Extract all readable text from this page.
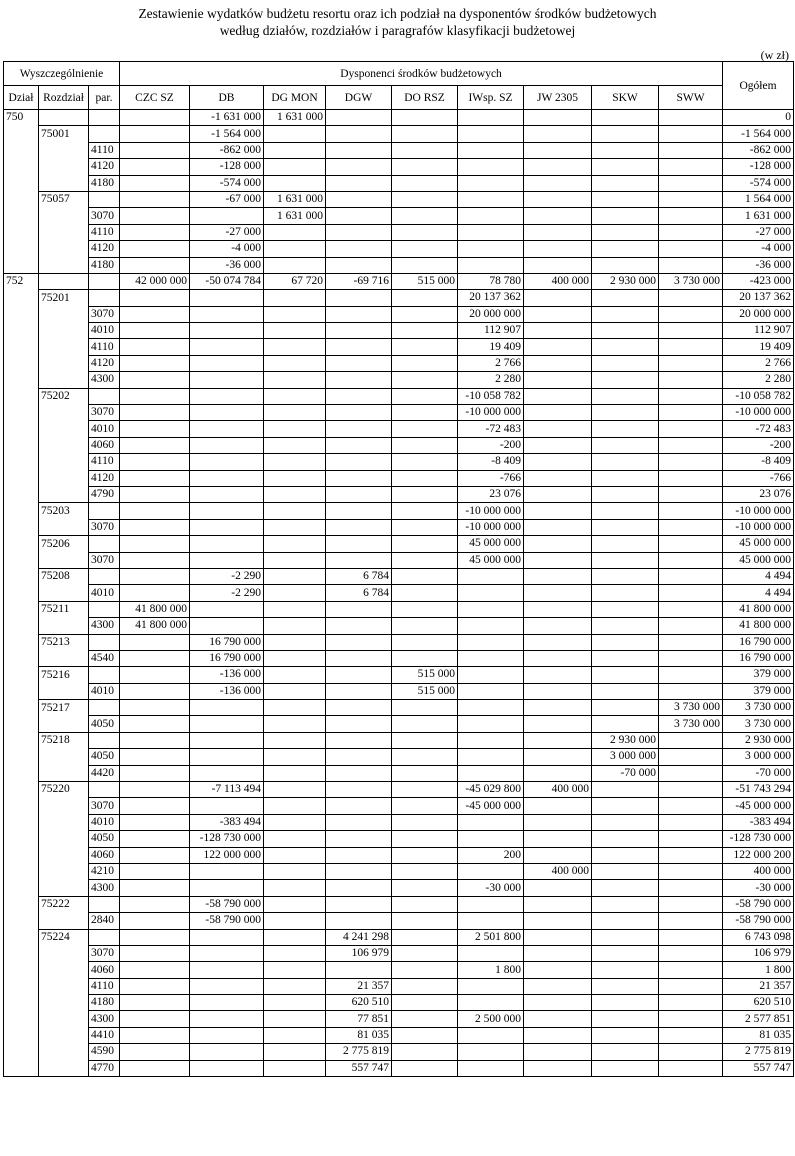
Zestawienie wydatków budżetu resortu oraz ich podział na dysponentów środków budżetowych
według działów, rozdziałów i paragrafów klasyfikacji budżetowej
(w zł)
Wyszczególnienie			Dysponenci środków budżetowych									Ogółem
Dział	Rozdział	par.	CZC SZ	DB	DG MON	DGW	DO RSZ	IWsp. SZ	JW 2305	SKW	SWW	
750				-1 631 000	1 631 000							0
	75001			-1 564 000								-1 564 000
		4110		-862 000								-862 000
		4120		-128 000								-128 000
		4180		-574 000								-574 000
	75057			-67 000	1 631 000							1 564 000
		3070			1 631 000							1 631 000
		4110		-27 000								-27 000
		4120		-4 000								-4 000
		4180		-36 000								-36 000
752			42 000 000	-50 074 784	67 720	-69 716	515 000	78 780	400 000	2 930 000	3 730 000	-423 000
	75201							20 137 362				20 137 362
		3070						20 000 000				20 000 000
		4010						112 907				112 907
		4110						19 409				19 409
		4120						2 766				2 766
		4300						2 280				2 280
	75202							-10 058 782				-10 058 782
		3070						-10 000 000				-10 000 000
		4010						-72 483				-72 483
		4060						-200				-200
		4110						-8 409				-8 409
		4120						-766				-766
		4790						23 076				23 076
	75203							-10 000 000				-10 000 000
		3070						-10 000 000				-10 000 000
	75206							45 000 000				45 000 000
		3070						45 000 000				45 000 000
	75208			-2 290		6 784						4 494
		4010		-2 290		6 784						4 494
	75211		41 800 000									41 800 000
		4300	41 800 000									41 800 000
	75213			16 790 000								16 790 000
		4540		16 790 000								16 790 000
	75216			-136 000			515 000					379 000
		4010		-136 000			515 000					379 000
	75217										3 730 000	3 730 000
		4050									3 730 000	3 730 000
	75218									2 930 000		2 930 000
		4050								3 000 000		3 000 000
		4420								-70 000		-70 000
	75220			-7 113 494				-45 029 800	400 000			-51 743 294
		3070						-45 000 000				-45 000 000
		4010		-383 494								-383 494
		4050		-128 730 000								-128 730 000
		4060		122 000 000				200				122 000 200
		4210							400 000			400 000
		4300						-30 000				-30 000
	75222			-58 790 000								-58 790 000
		2840		-58 790 000								-58 790 000
	75224					4 241 298		2 501 800				6 743 098
		3070				106 979						106 979
		4060						1 800				1 800
		4110				21 357						21 357
		4180				620 510						620 510
		4300				77 851		2 500 000				2 577 851
		4410				81 035						81 035
		4590				2 775 819						2 775 819
		4770				557 747						557 747
